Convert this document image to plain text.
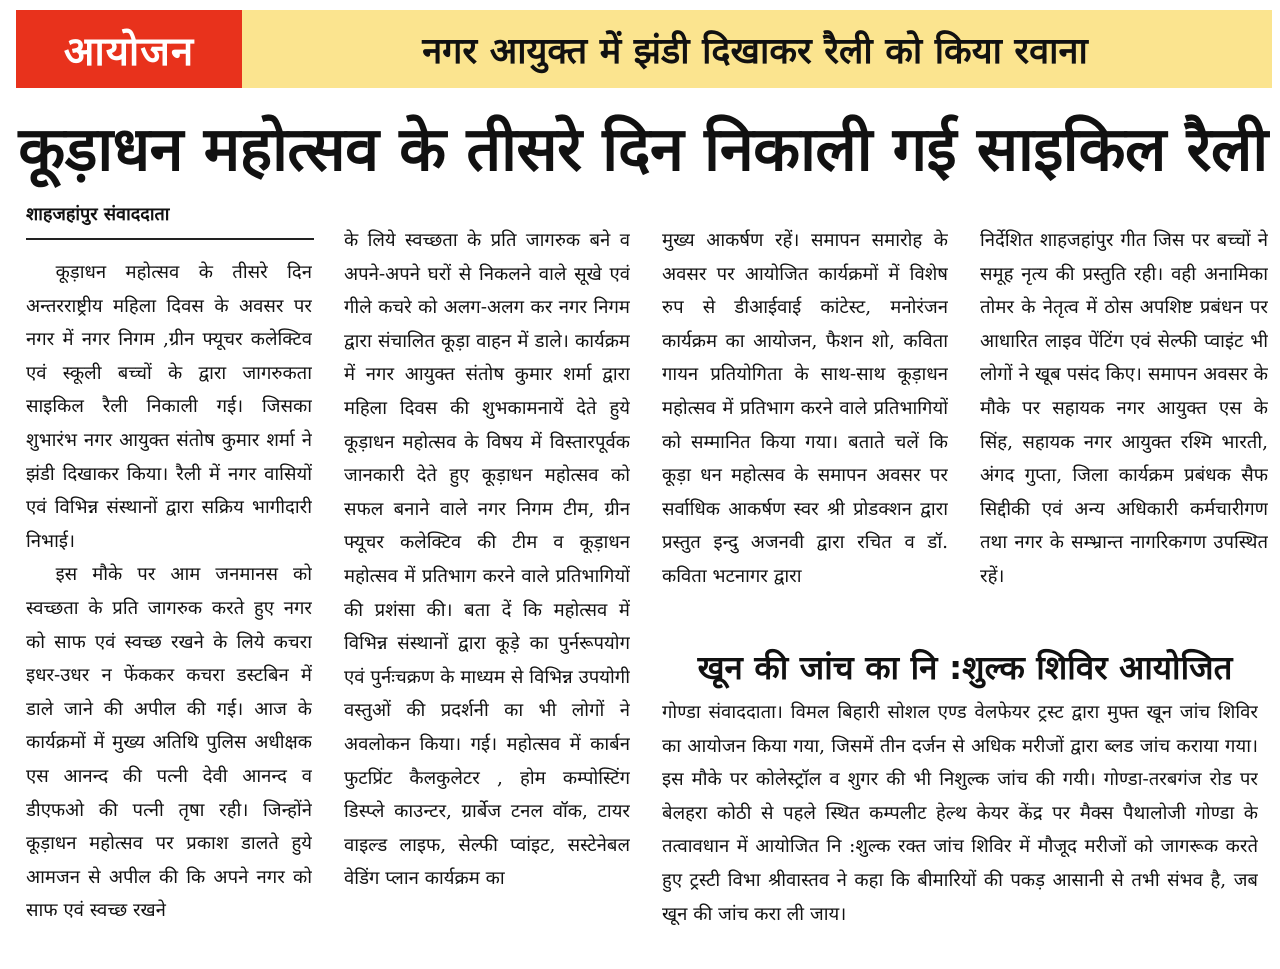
आयोजन	नगर आयुक्त में झंडी दिखाकर रैली को किया रवाना
कूड़ाधन महोत्सव के तीसरे दिन निकाली गई साइकिल रैली
शाहजहांपुर संवाददाता

कूड़ाधन महोत्सव के तीसरे दिन अन्तरराष्ट्रीय महिला दिवस के अवसर पर नगर में नगर निगम ,ग्रीन फ्यूचर कलेक्टिव एवं स्कूली बच्चों के द्वारा जागरुकता साइकिल रैली निकाली गई। जिसका शुभारंभ नगर आयुक्त संतोष कुमार शर्मा ने झंडी दिखाकर किया। रैली में नगर वासियों एवं विभिन्न संस्थानों द्वारा सक्रिय भागीदारी निभाई।

इस मौके पर आम जनमानस को स्वच्छता के प्रति जागरुक करते हुए नगर को साफ एवं स्वच्छ रखने के लिये कचरा इधर-उधर न फेंककर कचरा डस्टबिन में डाले जाने की अपील की गई। आज के कार्यक्रमों में मुख्य अतिथि पुलिस अधीक्षक एस आनन्द की पत्नी देवी आनन्द व डीएफओ की पत्नी तृषा रही। जिन्होंने कूड़ाधन महोत्सव पर प्रकाश डालते हुये आमजन से अपील की कि अपने नगर को साफ एवं स्वच्छ रखने

के लिये स्वच्छता के प्रति जागरुक बने व अपने-अपने घरों से निकलने वाले सूखे एवं गीले कचरे को अलग-अलग कर नगर निगम द्वारा संचालित कूड़ा वाहन में डाले। कार्यक्रम में नगर आयुक्त संतोष कुमार शर्मा द्वारा महिला दिवस की शुभकामनायें देते हुये कूड़ाधन महोत्सव के विषय में विस्तारपूर्वक जानकारी देते हुए कूड़ाधन महोत्सव को सफल बनाने वाले नगर निगम टीम, ग्रीन फ्यूचर कलेक्टिव की टीम व कूड़ाधन महोत्सव में प्रतिभाग करने वाले प्रतिभागियों की प्रशंसा की। बता दें कि महोत्सव में विभिन्न संस्थानों द्वारा कूड़े का पुर्नरूपयोग एवं पुर्नःचक्रण के माध्यम से विभिन्न उपयोगी वस्तुओं की प्रदर्शनी का भी लोगों ने अवलोकन किया। गई। महोत्सव में कार्बन फुटप्रिंट कैलकुलेटर , होम कम्पोस्टिंग डिस्प्ले काउन्टर, ग्रार्बेज टनल वॉक, टायर वाइल्ड लाइफ, सेल्फी प्वांइट, सस्टेनेबल वेडिंग प्लान कार्यक्रम का

मुख्य आकर्षण रहें। समापन समारोह के अवसर पर आयोजित कार्यक्रमों में विशेष रुप से डीआईवाई कांटेस्ट, मनोरंजन कार्यक्रम का आयोजन, फैशन शो, कविता गायन प्रतियोगिता के साथ-साथ कूड़ाधन महोत्सव में प्रतिभाग करने वाले प्रतिभागियों को सम्मानित किया गया। बताते चलें कि कूड़ा धन महोत्सव के समापन अवसर पर सर्वाधिक आकर्षण स्वर श्री प्रोडक्शन द्वारा प्रस्तुत इन्दु अजनवी द्वारा रचित व डॉ. कविता भटनागर द्वारा

निर्देशित शाहजहांपुर गीत जिस पर बच्चों ने समूह नृत्य की प्रस्तुति रही। वही अनामिका तोमर के नेतृत्व में ठोस अपशिष्ट प्रबंधन पर आधारित लाइव पेंटिंग एवं सेल्फी प्वाइंट भी लोगों ने खूब पसंद किए। समापन अवसर के मौके पर सहायक नगर आयुक्त एस के सिंह, सहायक नगर आयुक्त रश्मि भारती, अंगद गुप्ता, जिला कार्यक्रम प्रबंधक सैफ सिद्दीकी एवं अन्य अधिकारी कर्मचारीगण तथा नगर के सम्भ्रान्त नागरिकगण उपस्थित रहें।

खून की जांच का नि :शुल्क शिविर आयोजित

गोण्डा संवाददाता। विमल बिहारी सोशल एण्ड वेलफेयर ट्रस्ट द्वारा मुफ्त खून जांच शिविर का आयोजन किया गया, जिसमें तीन दर्जन से अधिक मरीजों द्वारा ब्लड जांच कराया गया। इस मौके पर कोलेस्ट्रॉल व शुगर की भी निशुल्क जांच की गयी। गोण्डा-तरबगंज रोड पर बेलहरा कोठी से पहले स्थित कम्पलीट हेल्थ केयर केंद्र पर मैक्स पैथालोजी गोण्डा के तत्वावधान में आयोजित नि :शुल्क रक्त जांच शिविर में मौजूद मरीजों को जागरूक करते हुए ट्रस्टी विभा श्रीवास्तव ने कहा कि बीमारियों की पकड़ आसानी से तभी संभव है, जब खून की जांच करा ली जाय।
